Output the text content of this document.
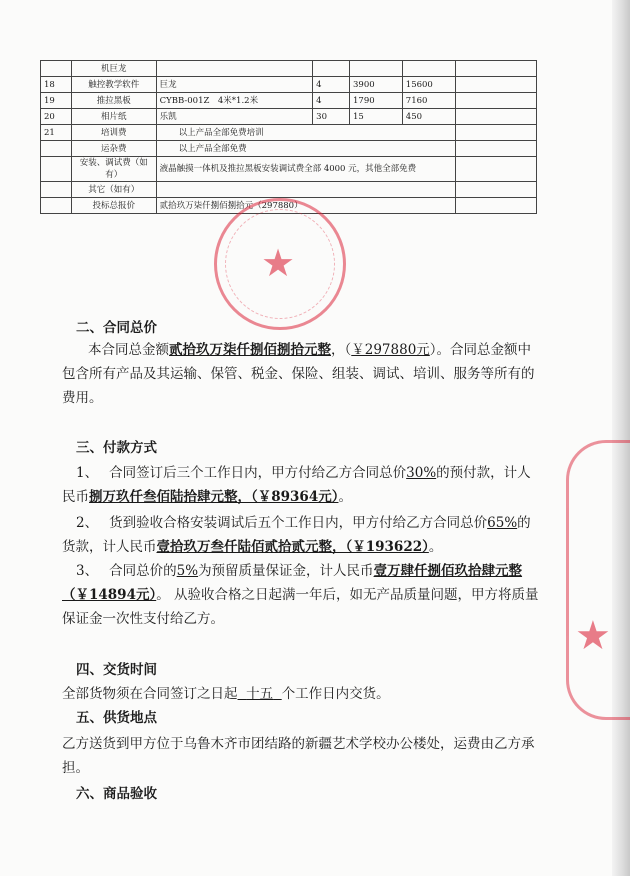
	机巨龙					
18	触控教学软件	巨龙	4	3900	15600	
19	推拉黑板	CYBB-001Z　4米*1.2米	4	1790	7160	
20	相片纸	乐凯	30	15	450	
21	培训费	以上产品全部免费培训				
	运杂费	以上产品全部免费				
	安装、调试费（如有）	液晶触摸一体机及推拉黑板安装调试费全部 4000 元，其他全部免费				
	其它（如有）					
	投标总报价	贰拾玖万柒仟捌佰捌拾元（297880）				
★
★
二、合同总价
本合同总金额贰拾玖万柒仟捌佰捌拾元整，（￥297880元）。合同总金额中
包含所有产品及其运输、保管、税金、保险、组装、调试、培训、服务等所有的
费用。
三、付款方式
1、　 合同签订后三个工作日内，甲方付给乙方合同总价30%的预付款，计人
民币捌万玖仟叁佰陆拾肆元整，（￥89364元）。
2、　 货到验收合格安装调试后五个工作日内，甲方付给乙方合同总价65%的
货款，计人民币壹拾玖万叁仟陆佰贰拾贰元整，（￥193622）。
3、　 合同总价的5%为预留质量保证金，计人民币壹万肆仟捌佰玖拾肆元整
（￥14894元）。 从验收合格之日起满一年后，如无产品质量问题，甲方将质量
保证金一次性支付给乙方。
四、交货时间
全部货物须在合同签订之日起 十五 个工作日内交货。
五、供货地点
乙方送货到甲方位于乌鲁木齐市团结路的新疆艺术学校办公楼处，运费由乙方承
担。
六、商品验收
